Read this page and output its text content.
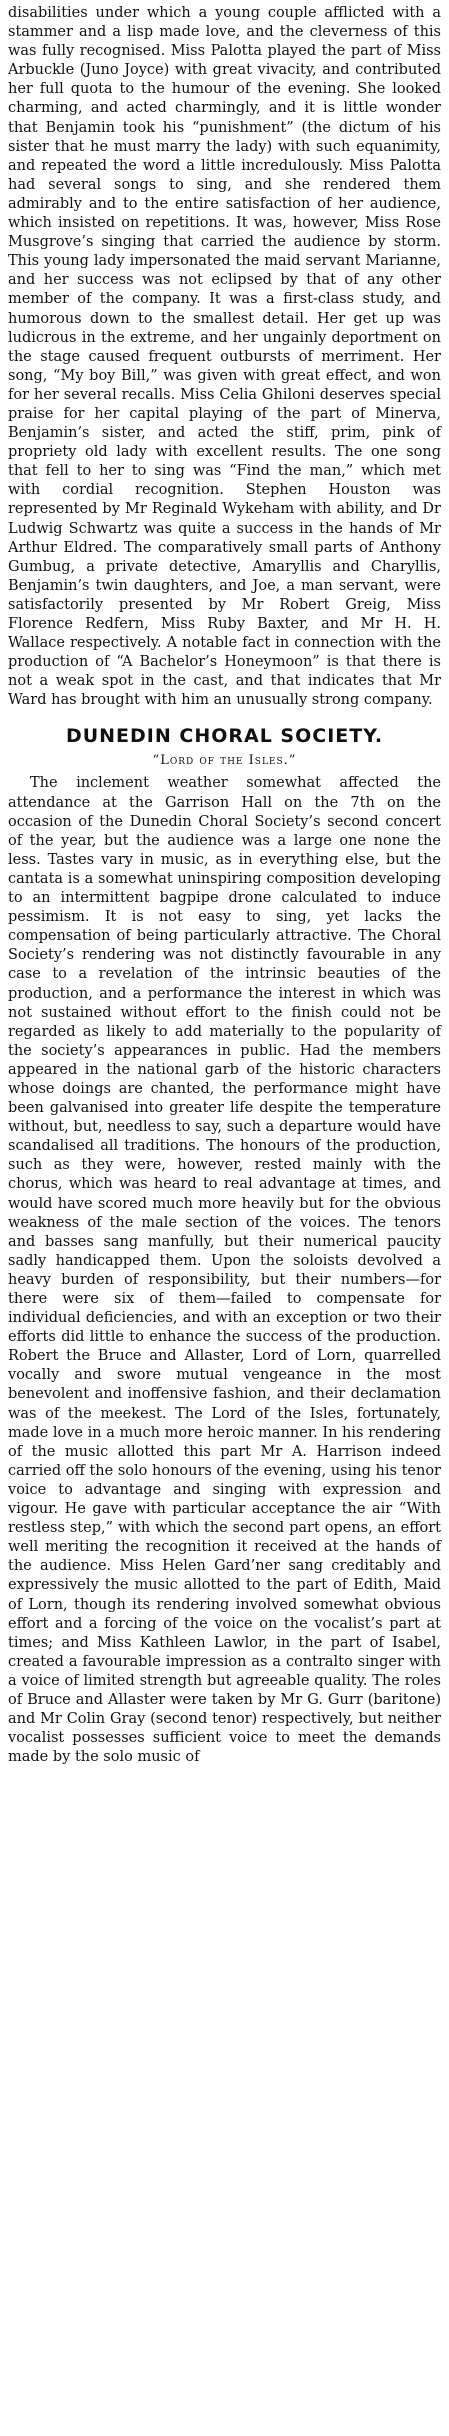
disabilities under which a young couple afflicted with a stammer and a lisp made love, and the cleverness of this was fully recognised. Miss Palotta played the part of Miss Arbuckle (Juno Joyce) with great vivacity, and contributed her full quota to the humour of the evening. She looked charming, and acted charmingly, and it is little wonder that Benjamin took his “punishment” (the dictum of his sister that he must marry the lady) with such equanimity, and repeated the word a little incredulously. Miss Palotta had several songs to sing, and she rendered them admirably and to the entire satisfaction of her audience, which insisted on repetitions. It was, however, Miss Rose Musgrove’s singing that carried the audience by storm. This young lady impersonated the maid servant Marianne, and her success was not eclipsed by that of any other member of the company. It was a first-class study, and humorous down to the smallest detail. Her get up was ludicrous in the extreme, and her ungainly deportment on the stage caused frequent outbursts of merriment. Her song, “My boy Bill,” was given with great effect, and won for her several recalls. Miss Celia Ghiloni deserves special praise for her capital playing of the part of Minerva, Benjamin’s sister, and acted the stiff, prim, pink of propriety old lady with excellent results. The one song that fell to her to sing was “Find the man,” which met with cordial recognition. Stephen Houston was represented by Mr Reginald Wykeham with ability, and Dr Ludwig Schwartz was quite a success in the hands of Mr Arthur Eldred. The comparatively small parts of Anthony Gumbug, a private detective, Amaryllis and Charyllis, Benjamin’s twin daughters, and Joe, a man servant, were satisfactorily presented by Mr Robert Greig, Miss Florence Redfern, Miss Ruby Baxter, and Mr H. H. Wallace respectively. A notable fact in connection with the production of “A Bachelor’s Honeymoon” is that there is not a weak spot in the cast, and that indicates that Mr Ward has brought with him an unusually strong company.

DUNEDIN CHORAL SOCIETY.
“Lord of the Isles.”

The inclement weather somewhat affected the attendance at the Garrison Hall on the 7th on the occasion of the Dunedin Choral Society’s second concert of the year, but the audience was a large one none the less. Tastes vary in music, as in everything else, but the cantata is a somewhat uninspiring composition developing to an intermittent bagpipe drone calculated to induce pessimism. It is not easy to sing, yet lacks the compensation of being particularly attractive. The Choral Society’s rendering was not distinctly favourable in any case to a revelation of the intrinsic beauties of the production, and a performance the interest in which was not sustained without effort to the finish could not be regarded as likely to add materially to the popularity of the society’s appearances in public. Had the members appeared in the national garb of the historic characters whose doings are chanted, the performance might have been galvanised into greater life despite the temperature without, but, needless to say, such a departure would have scandalised all traditions. The honours of the production, such as they were, however, rested mainly with the chorus, which was heard to real advantage at times, and would have scored much more heavily but for the obvious weakness of the male section of the voices. The tenors and basses sang manfully, but their numerical paucity sadly handicapped them. Upon the soloists devolved a heavy burden of responsibility, but their numbers—for there were six of them—failed to compensate for individual deficiencies, and with an exception or two their efforts did little to enhance the success of the production. Robert the Bruce and Allaster, Lord of Lorn, quarrelled vocally and swore mutual vengeance in the most benevolent and inoffensive fashion, and their declamation was of the meekest. The Lord of the Isles, fortunately, made love in a much more heroic manner. In his rendering of the music allotted this part Mr A. Harrison indeed carried off the solo honours of the evening, using his tenor voice to advantage and singing with expression and vigour. He gave with particular acceptance the air “With restless step,” with which the second part opens, an effort well meriting the recognition it received at the hands of the audience. Miss Helen Gard’ner sang creditably and expressively the music allotted to the part of Edith, Maid of Lorn, though its rendering involved somewhat obvious effort and a forcing of the voice on the vocalist’s part at times; and Miss Kathleen Lawlor, in the part of Isabel, created a favourable impression as a contralto singer with a voice of limited strength but agreeable quality. The roles of Bruce and Allaster were taken by Mr G. Gurr (baritone) and Mr Colin Gray (second tenor) respectively, but neither vocalist possesses sufficient voice to meet the demands made by the solo music of
